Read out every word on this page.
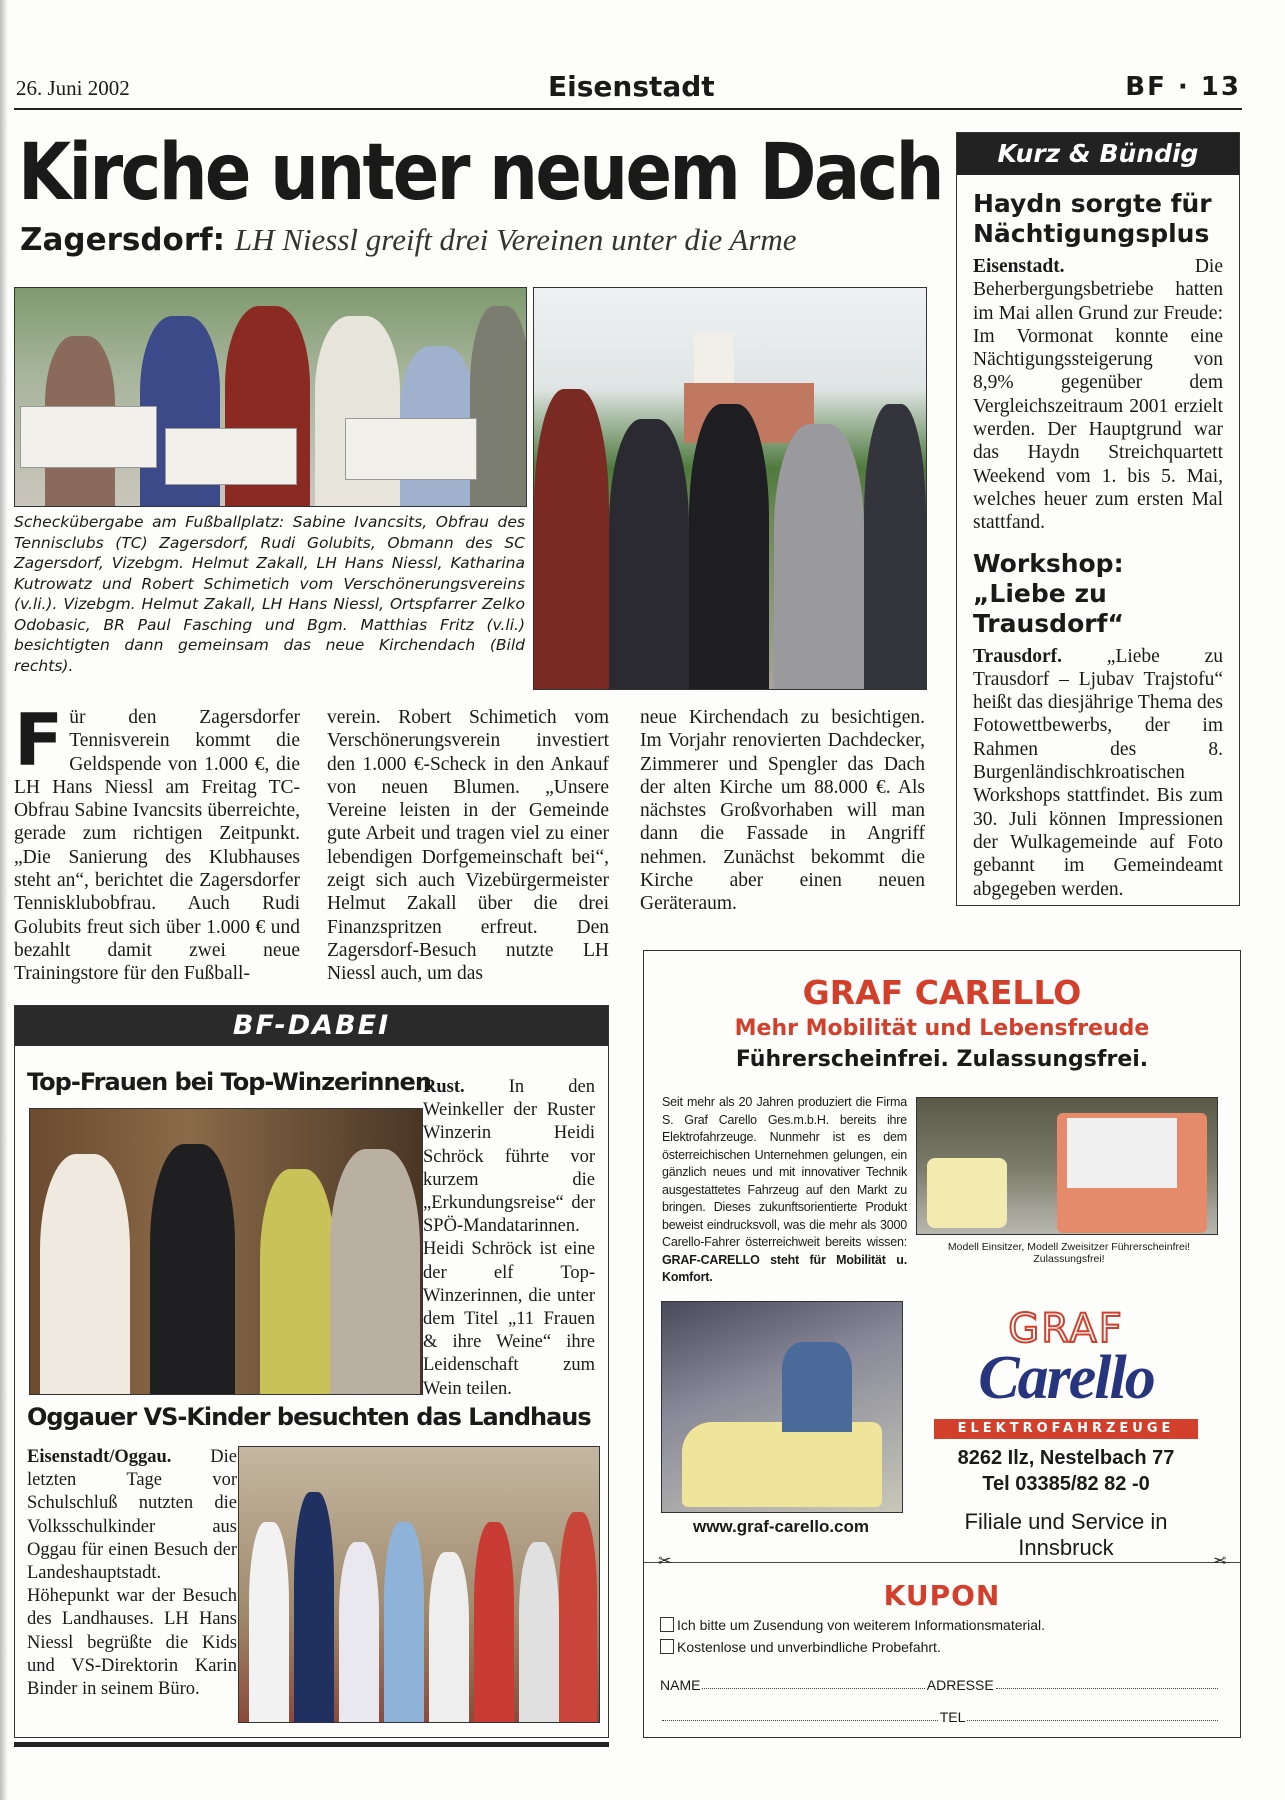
26. Juni 2002	Eisenstadt	BF · 13
Kirche unter neuem Dach
Zagersdorf: LH Niessl greift drei Vereinen unter die Arme
Scheckübergabe am Fußballplatz: Sabine Ivancsits, Obfrau des Tennisclubs (TC) Zagersdorf, Rudi Golubits, Obmann des SC Zagersdorf, Vizebgm. Helmut Zakall, LH Hans Niessl, Katharina Kutrowatz und Robert Schimetich vom Verschönerungsvereins (v.li.). Vizebgm. Helmut Zakall, LH Hans Niessl, Ortspfarrer Zelko Odobasic, BR Paul Fasching und Bgm. Matthias Fritz (v.li.) besichtigten dann gemeinsam das neue Kirchendach (Bild rechts).
Für den Zagersdorfer Tennisverein kommt die Geldspende von 1.000 €, die LH Hans Niessl am Freitag TC-Obfrau Sabine Ivancsits überreichte, gerade zum richtigen Zeitpunkt. „Die Sanierung des Klubhauses steht an“, berichtet die Zagersdorfer Tennisklubobfrau. Auch Rudi Golubits freut sich über 1.000 € und bezahlt damit zwei neue Trainingstore für den Fußball-
verein. Robert Schimetich vom Verschönerungsverein investiert den 1.000 €-Scheck in den Ankauf von neuen Blumen. „Unsere Vereine leisten in der Gemeinde gute Arbeit und tragen viel zu einer lebendigen Dorfgemeinschaft bei“, zeigt sich auch Vizebürgermeister Helmut Zakall über die drei Finanzspritzen erfreut. Den Zagersdorf-Besuch nutzte LH Niessl auch, um das
neue Kirchendach zu besichtigen. Im Vorjahr renovierten Dachdecker, Zimmerer und Spengler das Dach der alten Kirche um 88.000 €. Als nächstes Großvorhaben will man dann die Fassade in Angriff nehmen. Zunächst bekommt die Kirche aber einen neuen Geräteraum.
Kurz & Bündig
Haydn sorgte für Nächtigungsplus

Eisenstadt. Die Beherbergungsbetriebe hatten im Mai allen Grund zur Freude: Im Vormonat konnte eine Nächtigungssteigerung von 8,9% gegenüber dem Vergleichszeitraum 2001 erzielt werden. Der Hauptgrund war das Haydn Streichquartett Weekend vom 1. bis 5. Mai, welches heuer zum ersten Mal stattfand.

Workshop: „Liebe zu Trausdorf“

Trausdorf. „Liebe zu Trausdorf – Ljubav Trajstofu“ heißt das diesjährige Thema des Fotowettbewerbs, der im Rahmen des 8. Burgenländischkroatischen Workshops stattfindet. Bis zum 30. Juli können Impressionen der Wulkagemeinde auf Foto gebannt im Gemeindeamt abgegeben werden.

BF-DABEI
Top-Frauen bei Top-Winzerinnen
Rust. In den Weinkeller der Ruster Winzerin Heidi Schröck führte vor kurzem die „Erkundungsreise“ der SPÖ-Mandatarinnen. Heidi Schröck ist eine der elf Top-Winzerinnen, die unter dem Titel „11 Frauen & ihre Weine“ ihre Leidenschaft zum Wein teilen.
Oggauer VS-Kinder besuchten das Landhaus
Eisenstadt/Oggau. Die letzten Tage vor Schulschluß nutzten die Volksschulkinder aus Oggau für einen Besuch der Landeshauptstadt. Höhepunkt war der Besuch des Landhauses. LH Hans Niessl begrüßte die Kids und VS-Direktorin Karin Binder in seinem Büro.
GRAF CARELLO
Mehr Mobilität und Lebensfreude
Führerscheinfrei. Zulassungsfrei.
Seit mehr als 20 Jahren produziert die Firma S. Graf Carello Ges.m.b.H. bereits ihre Elektrofahrzeuge. Nunmehr ist es dem österreichischen Unternehmen gelungen, ein gänzlich neues und mit innovativer Technik ausgestattetes Fahrzeug auf den Markt zu bringen. Dieses zukunftsorientierte Produkt beweist eindrucksvoll, was die mehr als 3000 Carello-Fahrer österreichweit bereits wissen: GRAF-CARELLO steht für Mobilität u. Komfort.
Modell Einsitzer, Modell Zweisitzer Führerscheinfrei! Zulassungsfrei!
www.graf-carello.com
GRAF
Carello
ELEKTROFAHRZEUGE
8262 Ilz, Nestelbach 77
Tel 03385/82 82 -0
Filiale und Service in Innsbruck
✂	✂
KUPON
Ich bitte um Zusendung von weiterem Informationsmaterial.
Kostenlose und unverbindliche Probefahrt.
NAME	ADRESSE
TEL
